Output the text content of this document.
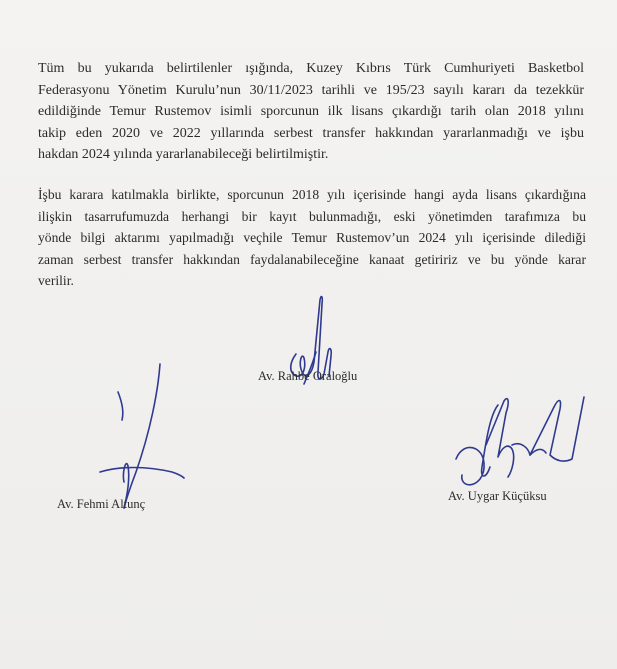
Tüm bu yukarıda belirtilenler ışığında, Kuzey Kıbrıs Türk Cumhuriyeti Basketbol
Federasyonu Yönetim Kurulu’nun 30/11/2023 tarihli ve 195/23 sayılı kararı da tezekkür
edildiğinde Temur Rustemov isimli sporcunun ilk lisans çıkardığı tarih olan 2018 yılını
takip eden 2020 ve 2022 yıllarında serbest transfer hakkından yararlanmadığı ve işbu
hakdan 2024 yılında yararlanabileceği belirtilmiştir.
İşbu karara katılmakla birlikte, sporcunun 2018 yılı içerisinde hangi ayda lisans çıkardığına
ilişkin tasarrufumuzda herhangi bir kayıt bulunmadığı, eski yönetimden tarafımıza bu
yönde bilgi aktarımı yapılmadığı veçhile Temur Rustemov’un 2024 yılı içerisinde dilediği
zaman serbest transfer hakkından faydalanabileceğine kanaat getiririz ve bu yönde karar
verilir.
Av. Rahbe Oraloğlu
Av. Fehmi Altunç
Av. Uygar Küçüksu
